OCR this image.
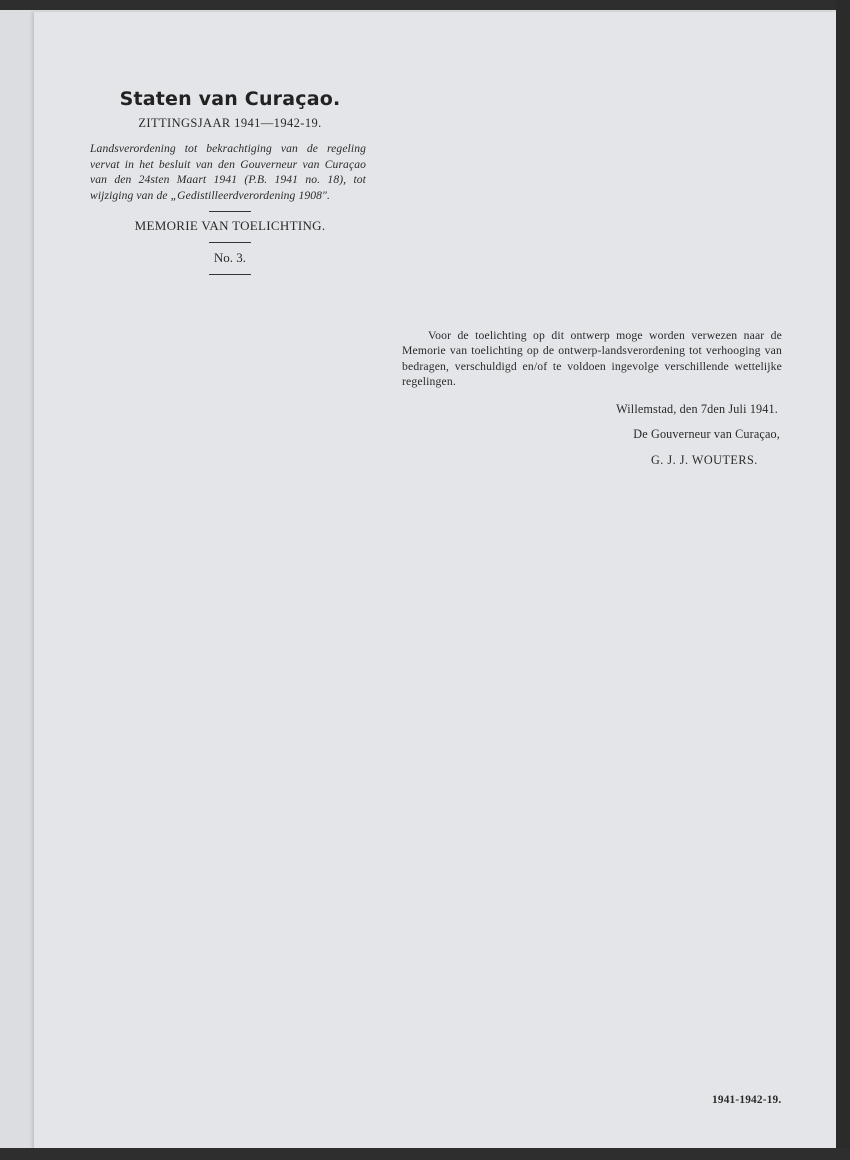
Staten van Curaçao.
ZITTINGSJAAR 1941—1942-19.

Landsverordening tot bekrachtiging van de regeling vervat in het besluit van den Gouverneur van Curaçao van den 24sten Maart 1941 (P.B. 1941 no. 18), tot wijziging van de „Gedistilleerdverordening 1908".

MEMORIE VAN TOELICHTING.
No. 3.

Voor de toelichting op dit ontwerp moge worden verwezen naar de Memorie van toelichting op de ontwerp-landsverordening tot verhooging van bedragen, verschuldigd en/of te voldoen ingevolge verschillende wettelijke regelingen.

Willemstad, den 7den Juli 1941.
De Gouverneur van Curaçao,
G. J. J. WOUTERS.
1941-1942-19.
